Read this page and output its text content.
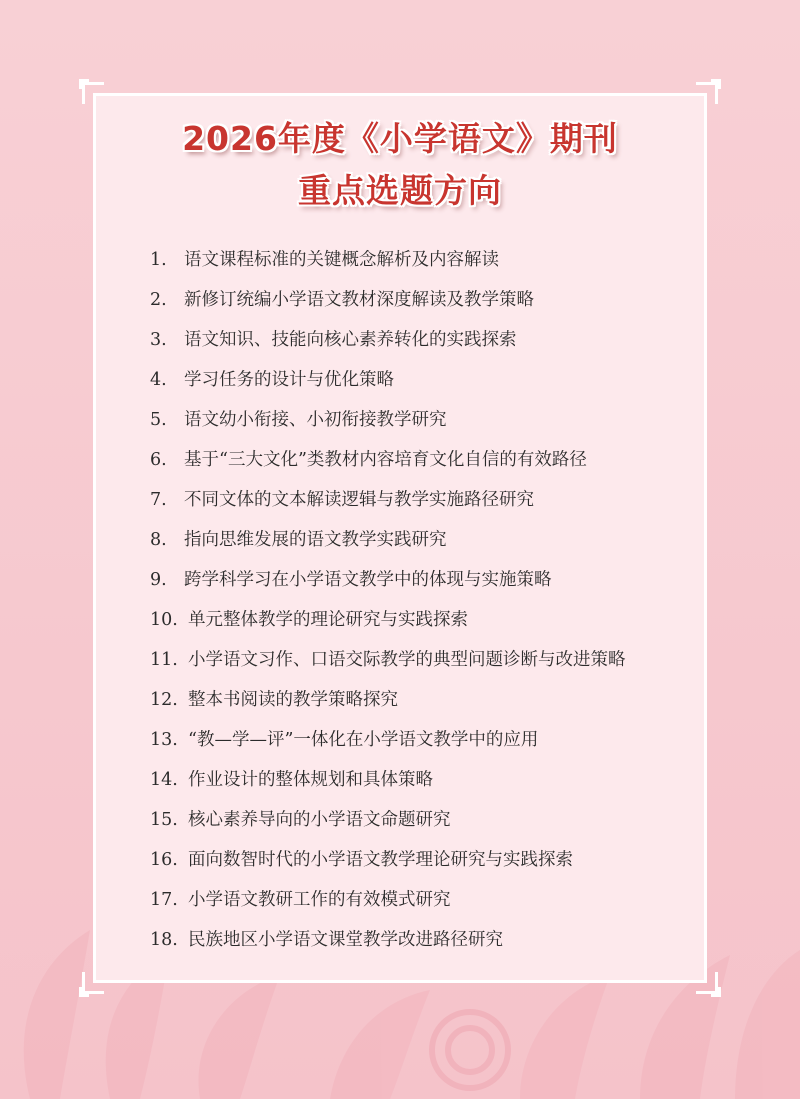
2026年度《小学语文》期刊
重点选题方向
1. 语文课程标准的关键概念解析及内容解读
2. 新修订统编小学语文教材深度解读及教学策略
3. 语文知识、技能向核心素养转化的实践探索
4. 学习任务的设计与优化策略
5. 语文幼小衔接、小初衔接教学研究
6. 基于“三大文化”类教材内容培育文化自信的有效路径
7. 不同文体的文本解读逻辑与教学实施路径研究
8. 指向思维发展的语文教学实践研究
9. 跨学科学习在小学语文教学中的体现与实施策略
10. 单元整体教学的理论研究与实践探索
11. 小学语文习作、口语交际教学的典型问题诊断与改进策略
12. 整本书阅读的教学策略探究
13. “教—学—评”一体化在小学语文教学中的应用
14. 作业设计的整体规划和具体策略
15. 核心素养导向的小学语文命题研究
16. 面向数智时代的小学语文教学理论研究与实践探索
17. 小学语文教研工作的有效模式研究
18. 民族地区小学语文课堂教学改进路径研究
